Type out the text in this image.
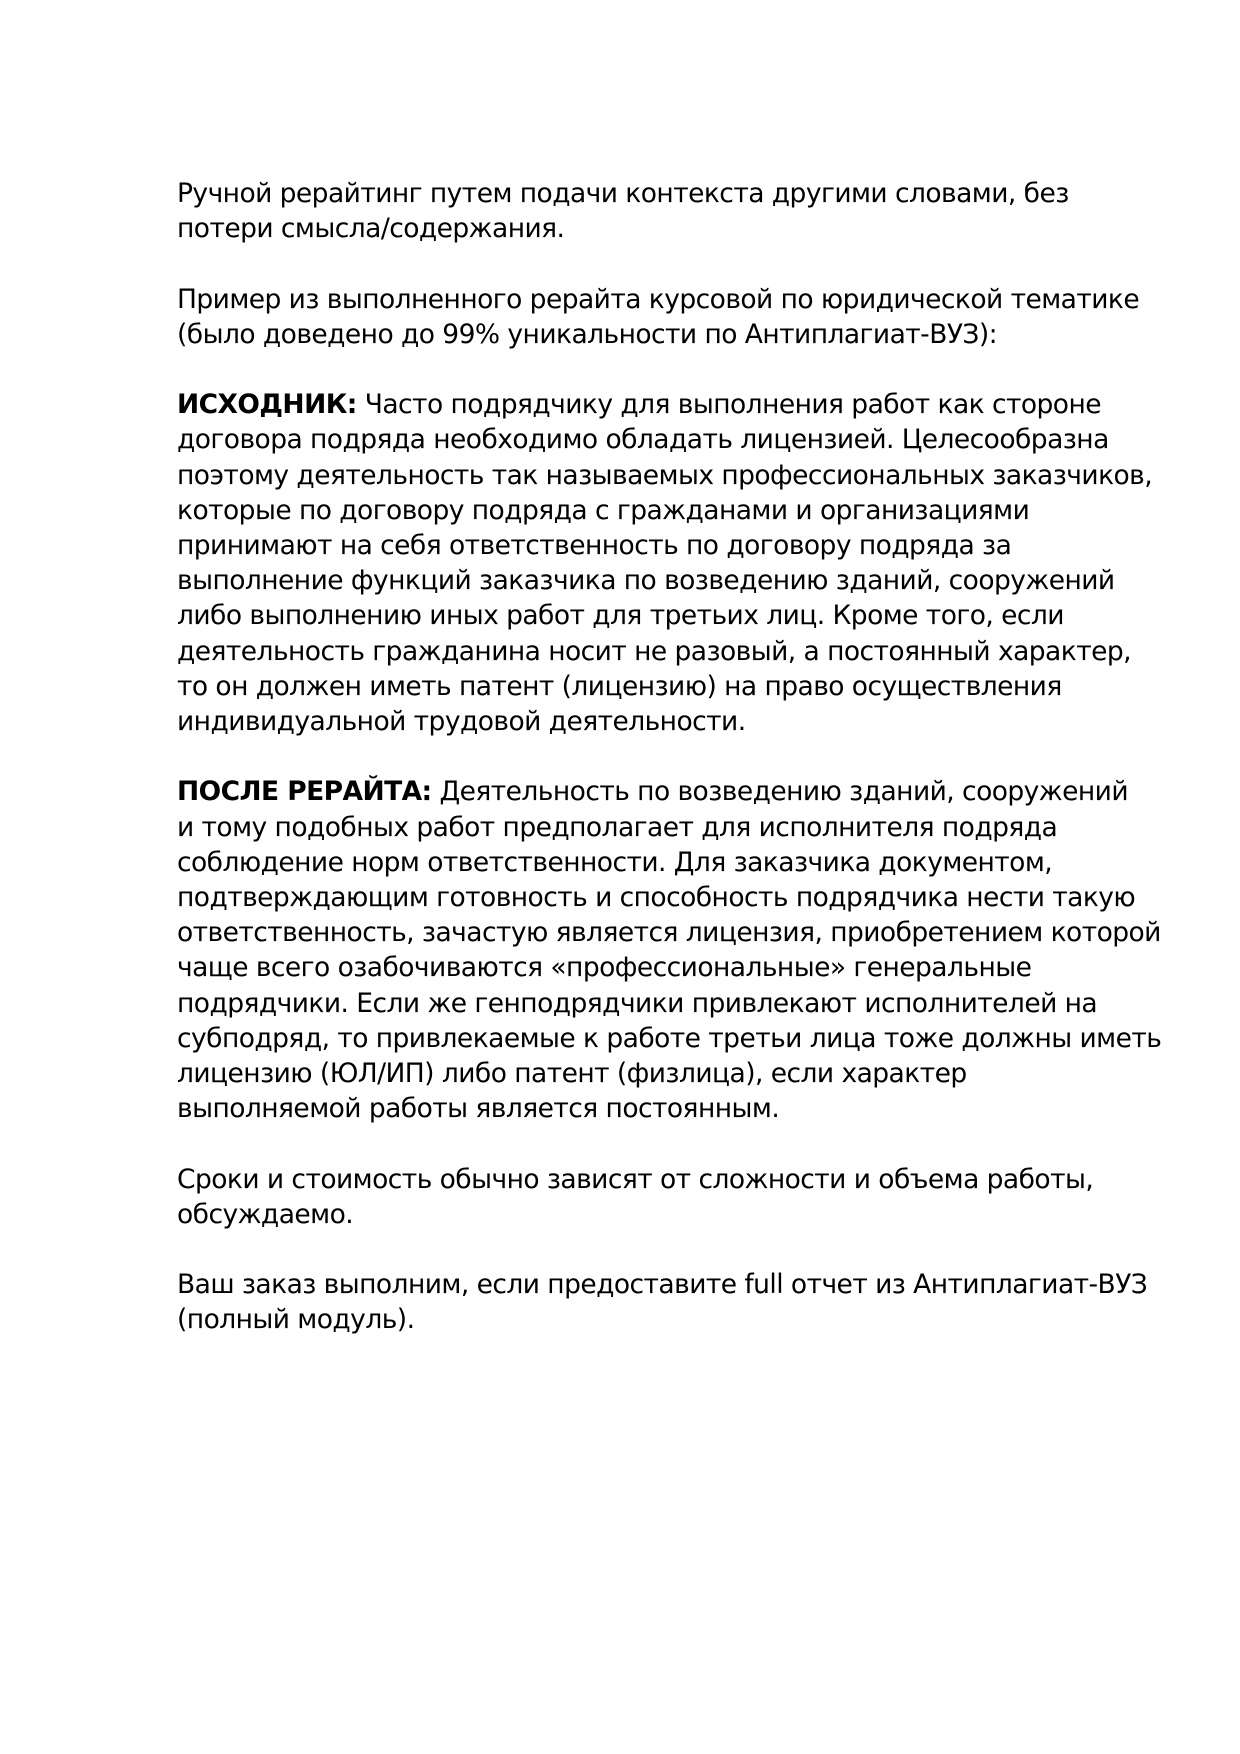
Ручной рерайтинг путем подачи контекста другими словами, без
потери смысла/содержания.

Пример из выполненного рерайта курсовой по юридической тематике
(было доведено до 99% уникальности по Антиплагиат-ВУЗ):

ИСХОДНИК: Часто подрядчику для выполнения работ как стороне
договора подряда необходимо обладать лицензией. Целесообразна
поэтому деятельность так называемых профессиональных заказчиков,
которые по договору подряда с гражданами и организациями
принимают на себя ответственность по договору подряда за
выполнение функций заказчика по возведению зданий, сооружений
либо выполнению иных работ для третьих лиц. Кроме того, если
деятельность гражданина носит не разовый, а постоянный характер,
то он должен иметь патент (лицензию) на право осуществления
индивидуальной трудовой деятельности.

ПОСЛЕ РЕРАЙТА: Деятельность по возведению зданий, сооружений
и тому подобных работ предполагает для исполнителя подряда
соблюдение норм ответственности. Для заказчика документом,
подтверждающим готовность и способность подрядчика нести такую
ответственность, зачастую является лицензия, приобретением которой
чаще всего озабочиваются «профессиональные» генеральные
подрядчики. Если же генподрядчики привлекают исполнителей на
субподряд, то привлекаемые к работе третьи лица тоже должны иметь
лицензию (ЮЛ/ИП) либо патент (физлица), если характер
выполняемой работы является постоянным.

Сроки и стоимость обычно зависят от сложности и объема работы,
обсуждаемо.

Ваш заказ выполним, если предоставите full отчет из Антиплагиат-ВУЗ
(полный модуль).
